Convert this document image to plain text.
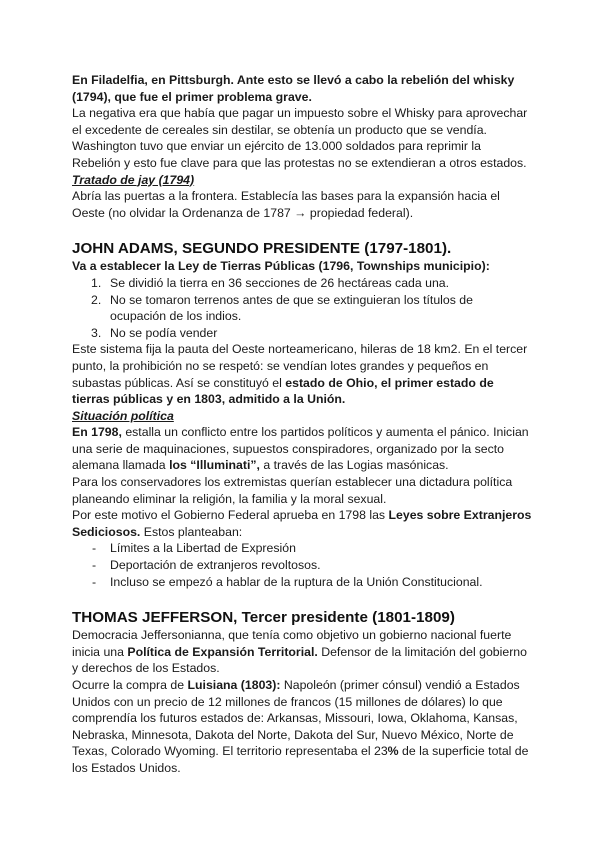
En Filadelfia, en Pittsburgh. Ante esto se llevó a cabo la rebelión del whisky (1794), que fue el primer problema grave.

La negativa era que había que pagar un impuesto sobre el Whisky para aprovechar el excedente de cereales sin destilar, se obtenía un producto que se vendía. Washington tuvo que enviar un ejército de 13.000 soldados para reprimir la Rebelión y esto fue clave para que las protestas no se extendieran a otros estados.

Tratado de jay (1794)

Abría las puertas a la frontera. Establecía las bases para la expansión hacia el Oeste (no olvidar la Ordenanza de 1787 → propiedad federal).

JOHN ADAMS, SEGUNDO PRESIDENTE (1797-1801).

Va a establecer la Ley de Tierras Públicas (1796, Townships municipio):

1. Se dividió la tierra en 36 secciones de 26 hectáreas cada una.
2. No se tomaron terrenos antes de que se extinguieran los títulos de ocupación de los indios.
3. No se podía vender

Este sistema fija la pauta del Oeste norteamericano, hileras de 18 km2. En el tercer punto, la prohibición no se respetó: se vendían lotes grandes y pequeños en subastas públicas. Así se constituyó el estado de Ohio, el primer estado de tierras públicas y en 1803, admitido a la Unión.

Situación política

En 1798, estalla un conflicto entre los partidos políticos y aumenta el pánico. Inician una serie de maquinaciones, supuestos conspiradores, organizado por la secto alemana llamada los “Illuminati”, a través de las Logias masónicas.

Para los conservadores los extremistas querían establecer una dictadura política planeando eliminar la religión, la familia y la moral sexual.

Por este motivo el Gobierno Federal aprueba en 1798 las Leyes sobre Extranjeros Sediciosos. Estos planteaban:

- Límites a la Libertad de Expresión
- Deportación de extranjeros revoltosos.
- Incluso se empezó a hablar de la ruptura de la Unión Constitucional.
THOMAS JEFFERSON, Tercer presidente (1801-1809)

Democracia Jeffersonianna, que tenía como objetivo un gobierno nacional fuerte inicia una Política de Expansión Territorial. Defensor de la limitación del gobierno y derechos de los Estados.

Ocurre la compra de Luisiana (1803): Napoleón (primer cónsul) vendió a Estados Unidos con un precio de 12 millones de francos (15 millones de dólares) lo que comprendía los futuros estados de: Arkansas, Missouri, Iowa, Oklahoma, Kansas, Nebraska, Minnesota, Dakota del Norte, Dakota del Sur, Nuevo México, Norte de Texas, Colorado Wyoming. El territorio representaba el 23% de la superficie total de los Estados Unidos.
